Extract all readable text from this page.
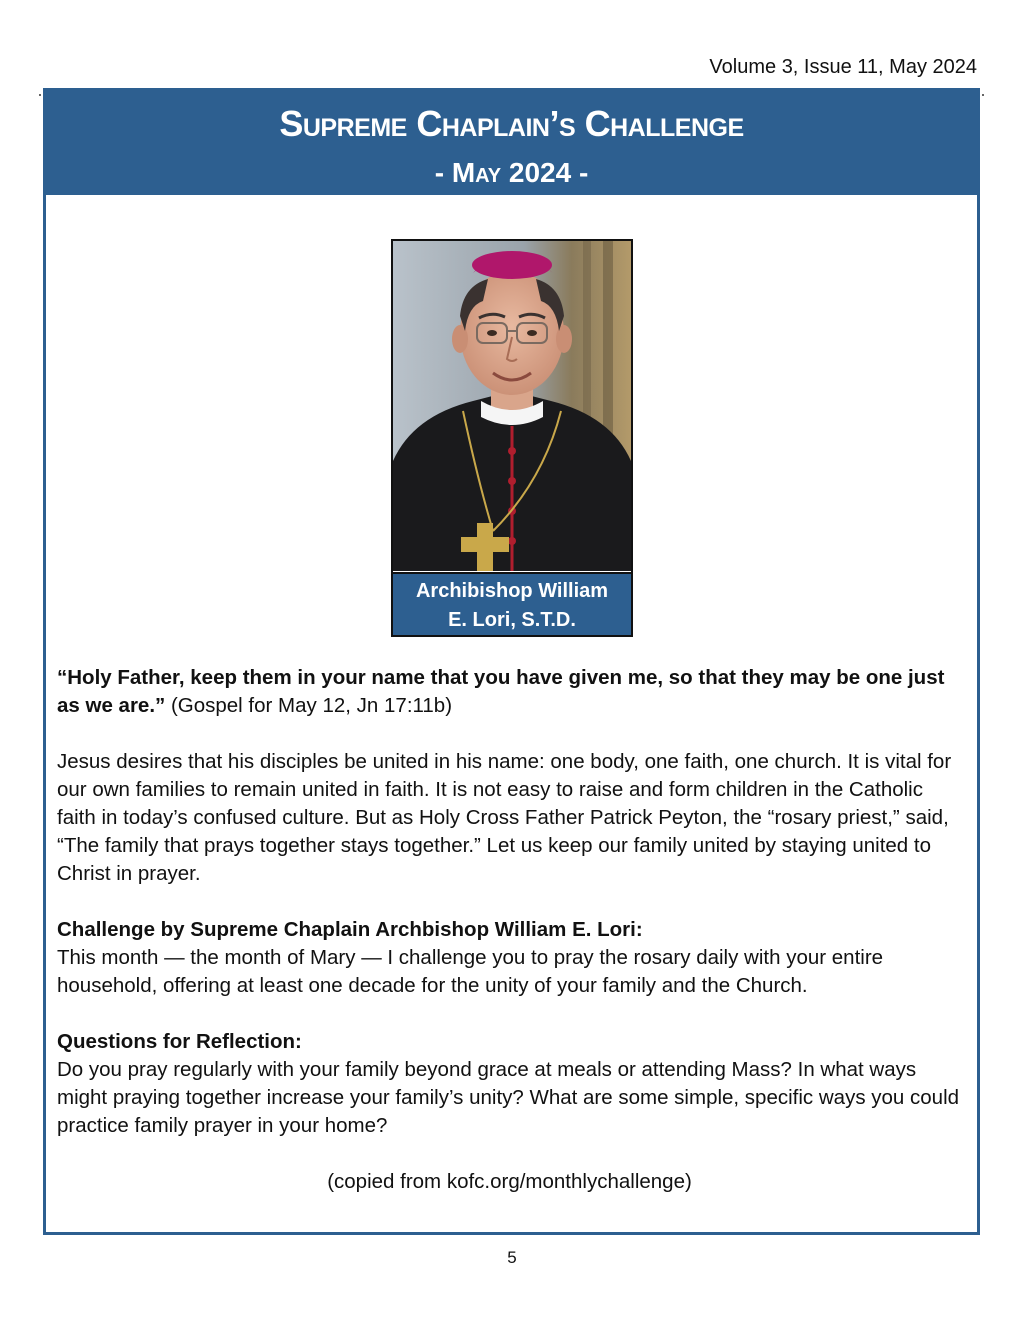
Volume 3, Issue 11, May 2024
Supreme Chaplain’s Challenge
- May 2024 -
Archibishop William
E. Lori, S.T.D.

“Holy Father, keep them in your name that you have given me, so that they may be one just as we are.” (Gospel for May 12, Jn 17:11b)

Jesus desires that his disciples be united in his name: one body, one faith, one church. It is vital for our own families to remain united in faith. It is not easy to raise and form children in the Catholic faith in today’s confused culture. But as Holy Cross Father Patrick Peyton, the “rosary priest,” said, “The family that prays together stays together.” Let us keep our family united by staying united to Christ in prayer.

Challenge by Supreme Chaplain Archbishop William E. Lori:
This month — the month of Mary — I challenge you to pray the rosary daily with your entire household, offering at least one decade for the unity of your family and the Church.

Questions for Reflection:
Do you pray regularly with your family beyond grace at meals or attending Mass? In what ways might praying together increase your family’s unity? What are some simple, specific ways you could practice family prayer in your home?

(copied from kofc.org/monthlychallenge)

5
